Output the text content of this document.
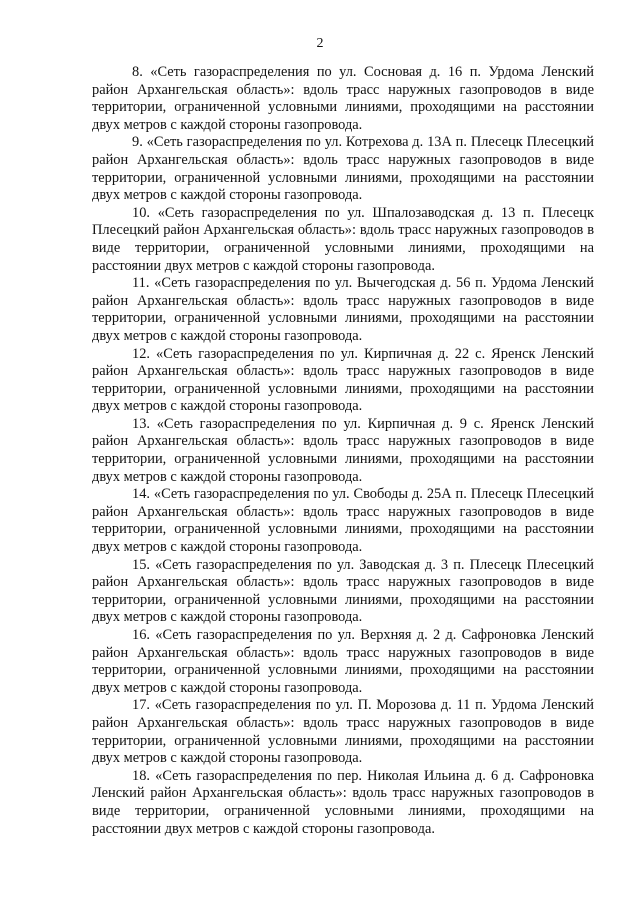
2

8. «Сеть газораспределения по ул. Сосновая д. 16 п. Урдома Ленский район Архангельская область»: вдоль трасс наружных газопроводов в виде территории, ограниченной условными линиями, проходящими на расстоянии двух метров с каждой стороны газопровода.

9. «Сеть газораспределения по ул. Котрехова д. 13А п. Плесецк Плесецкий район Архангельская область»: вдоль трасс наружных газопроводов в виде территории, ограниченной условными линиями, проходящими на расстоянии двух метров с каждой стороны газопровода.

10. «Сеть газораспределения по ул. Шпалозаводская д. 13 п. Плесецк Плесецкий район Архангельская область»: вдоль трасс наружных газопроводов в виде территории, ограниченной условными линиями, проходящими на расстоянии двух метров с каждой стороны газопровода.

11. «Сеть газораспределения по ул. Вычегодская д. 56 п. Урдома Ленский район Архангельская область»: вдоль трасс наружных газопроводов в виде территории, ограниченной условными линиями, проходящими на расстоянии двух метров с каждой стороны газопровода.

12. «Сеть газораспределения по ул. Кирпичная д. 22 с. Яренск Ленский район Архангельская область»: вдоль трасс наружных газопроводов в виде территории, ограниченной условными линиями, проходящими на расстоянии двух метров с каждой стороны газопровода.

13. «Сеть газораспределения по ул. Кирпичная д. 9 с. Яренск Ленский район Архангельская область»: вдоль трасс наружных газопроводов в виде территории, ограниченной условными линиями, проходящими на расстоянии двух метров с каждой стороны газопровода.

14. «Сеть газораспределения по ул. Свободы д. 25А п. Плесецк Плесецкий район Архангельская область»: вдоль трасс наружных газопроводов в виде территории, ограниченной условными линиями, проходящими на расстоянии двух метров с каждой стороны газопровода.

15. «Сеть газораспределения по ул. Заводская д. 3 п. Плесецк Плесецкий район Архангельская область»: вдоль трасс наружных газопроводов в виде территории, ограниченной условными линиями, проходящими на расстоянии двух метров с каждой стороны газопровода.

16. «Сеть газораспределения по ул. Верхняя д. 2 д. Сафроновка Ленский район Архангельская область»: вдоль трасс наружных газопроводов в виде территории, ограниченной условными линиями, проходящими на расстоянии двух метров с каждой стороны газопровода.

17. «Сеть газораспределения по ул. П. Морозова д. 11 п. Урдома Ленский район Архангельская область»: вдоль трасс наружных газопроводов в виде территории, ограниченной условными линиями, проходящими на расстоянии двух метров с каждой стороны газопровода.

18. «Сеть газораспределения по пер. Николая Ильина д. 6 д. Сафроновка Ленский район Архангельская область»: вдоль трасс наружных газопроводов в виде территории, ограниченной условными линиями, проходящими на расстоянии двух метров с каждой стороны газопровода.
